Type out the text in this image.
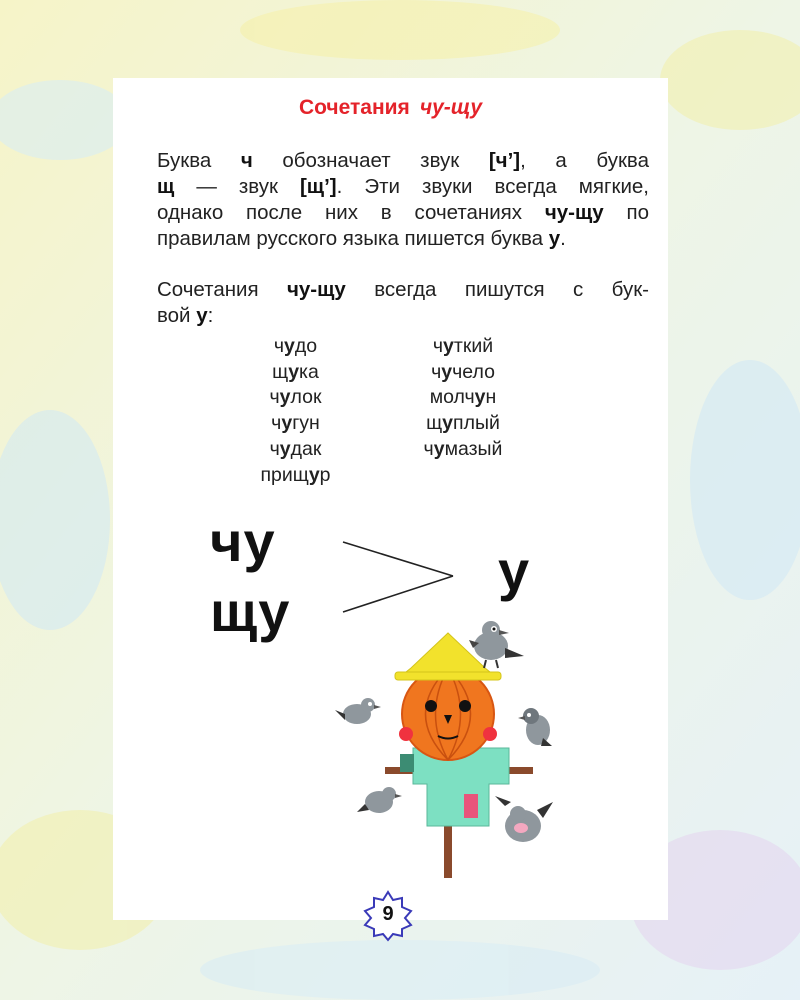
Сочетания чу-щу
Буква ч обозначает звук [ч’], а буква
щ — звук [щ’]. Эти звуки всегда мягкие,
однако после них в сочетаниях чу-щу по
правилам русского языка пишется буква у.
Сочетания чу-щу всегда пишутся с бук-
вой у:
чудо
щука
чулок
чугун
чудак
прищур
чуткий
чучело
молчун
щуплый
чумазый
чу
щу
у
9
